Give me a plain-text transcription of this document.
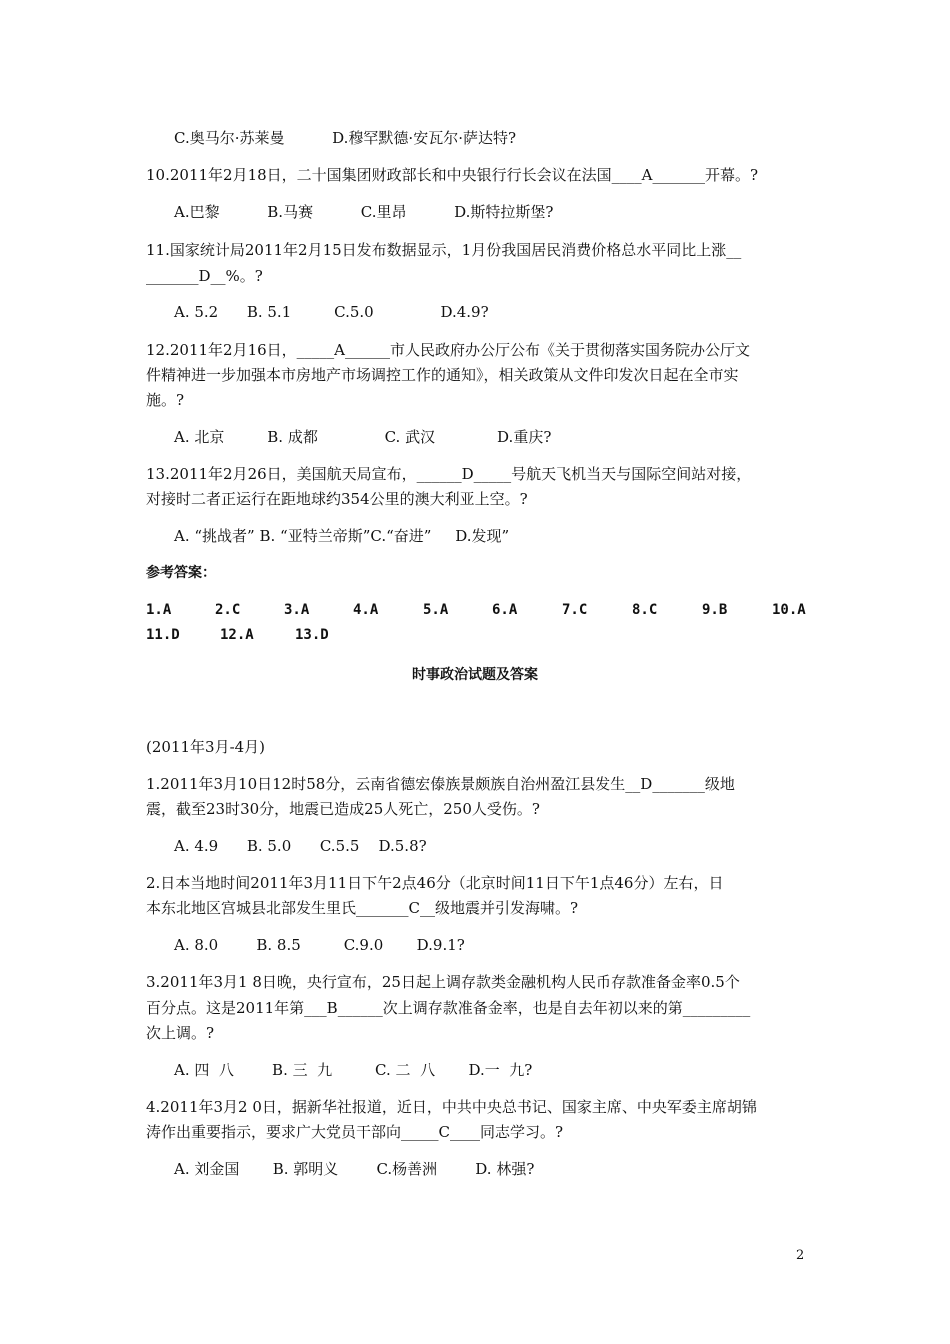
C.奥马尔·苏莱曼          D.穆罕默德·安瓦尔·萨达特?
10.2011年2月18日，二十国集团财政部长和中央银行行长会议在法国____A_______开幕。?
A.巴黎          B.马赛          C.里昂          D.斯特拉斯堡?
11.国家统计局2011年2月15日发布数据显示，1月份我国居民消费价格总水平同比上涨__
_______D__%。?
A. 5.2      B. 5.1         C.5.0              D.4.9?
12.2011年2月16日，_____A______市人民政府办公厅公布《关于贯彻落实国务院办公厅文
件精神进一步加强本市房地产市场调控工作的通知》，相关政策从文件印发次日起在全市实
施。?
A. 北京         B. 成都              C. 武汉             D.重庆?
13.2011年2月26日，美国航天局宣布，______D_____号航天飞机当天与国际空间站对接，
对接时二者正运行在距地球约354公里的澳大利亚上空。?
A. “挑战者” B. “亚特兰帝斯”C.“奋进”     D.发现”
参考答案：
1.A	2.C	3.A	4.A	5.A	6.A	7.C	8.C	9.B	10.A
11.D	12.A	13.D
时事政治试题及答案
(2011年3月-4月)
1.2011年3月10日12时58分，云南省德宏傣族景颇族自治州盈江县发生__D_______级地
震，截至23时30分，地震已造成25人死亡，250人受伤。?
A. 4.9      B. 5.0      C.5.5    D.5.8?
2.日本当地时间2011年3月11日下午2点46分（北京时间11日下午1点46分）左右，日
本东北地区宫城县北部发生里氏_______C__级地震并引发海啸。?
A. 8.0        B. 8.5         C.9.0       D.9.1?
3.2011年3月1 8日晚，央行宣布，25日起上调存款类金融机构人民币存款准备金率0.5个
百分点。这是2011年第___B______次上调存款准备金率，也是自去年初以来的第_________
次上调。?
A. 四  八        B. 三  九         C. 二  八       D.一  九?
4.2011年3月2 0日，据新华社报道，近日，中共中央总书记、国家主席、中央军委主席胡锦
涛作出重要指示，要求广大党员干部向_____C____同志学习。?
A. 刘金国       B. 郭明义        C.杨善洲        D. 林强?
2
